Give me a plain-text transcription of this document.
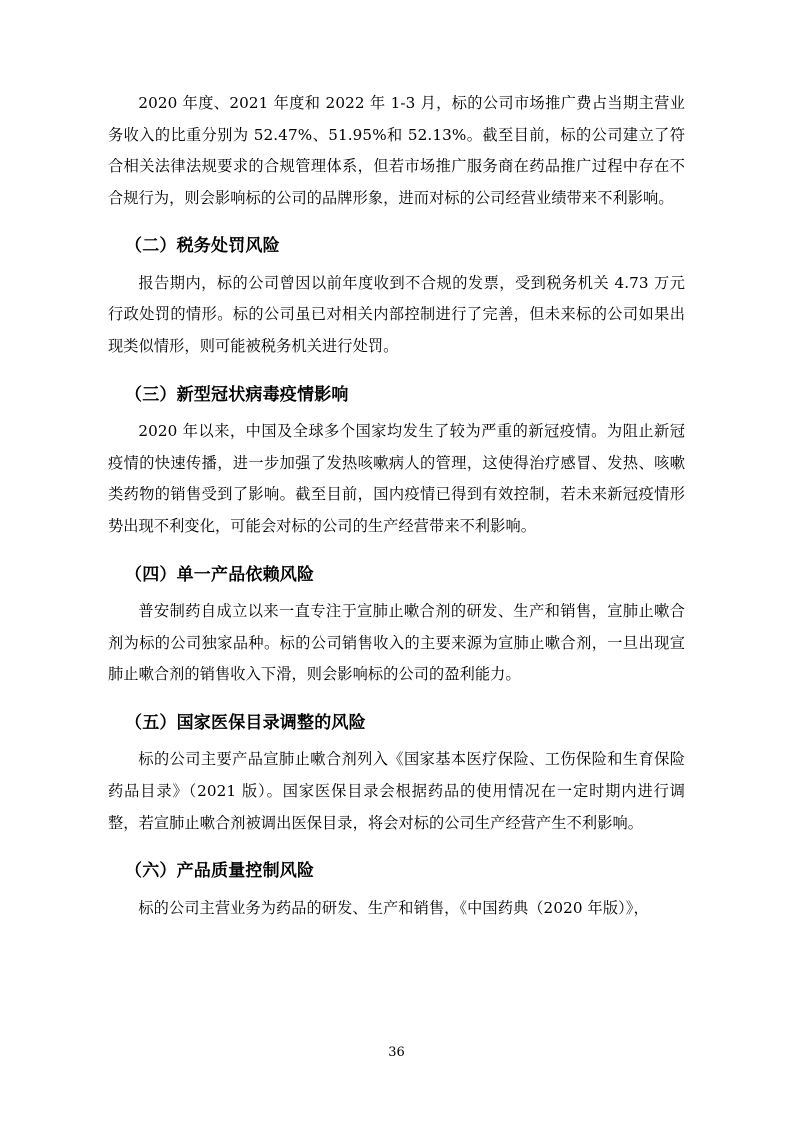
2020 年度、2021 年度和 2022 年 1-3 月，标的公司市场推广费占当期主营业务收入的比重分别为 52.47%、51.95%和 52.13%。截至目前，标的公司建立了符合相关法律法规要求的合规管理体系，但若市场推广服务商在药品推广过程中存在不合规行为，则会影响标的公司的品牌形象，进而对标的公司经营业绩带来不利影响。

（二）税务处罚风险

报告期内，标的公司曾因以前年度收到不合规的发票，受到税务机关 4.73 万元行政处罚的情形。标的公司虽已对相关内部控制进行了完善，但未来标的公司如果出现类似情形，则可能被税务机关进行处罚。

（三）新型冠状病毒疫情影响

2020 年以来，中国及全球多个国家均发生了较为严重的新冠疫情。为阻止新冠疫情的快速传播，进一步加强了发热咳嗽病人的管理，这使得治疗感冒、发热、咳嗽类药物的销售受到了影响。截至目前，国内疫情已得到有效控制，若未来新冠疫情形势出现不利变化，可能会对标的公司的生产经营带来不利影响。

（四）单一产品依赖风险

普安制药自成立以来一直专注于宣肺止嗽合剂的研发、生产和销售，宣肺止嗽合剂为标的公司独家品种。标的公司销售收入的主要来源为宣肺止嗽合剂，一旦出现宣肺止嗽合剂的销售收入下滑，则会影响标的公司的盈利能力。

（五）国家医保目录调整的风险

标的公司主要产品宣肺止嗽合剂列入《国家基本医疗保险、工伤保险和生育保险药品目录》（2021 版）。国家医保目录会根据药品的使用情况在一定时期内进行调整，若宣肺止嗽合剂被调出医保目录，将会对标的公司生产经营产生不利影响。

（六）产品质量控制风险

标的公司主营业务为药品的研发、生产和销售，《中国药典（2020 年版）》，

36
